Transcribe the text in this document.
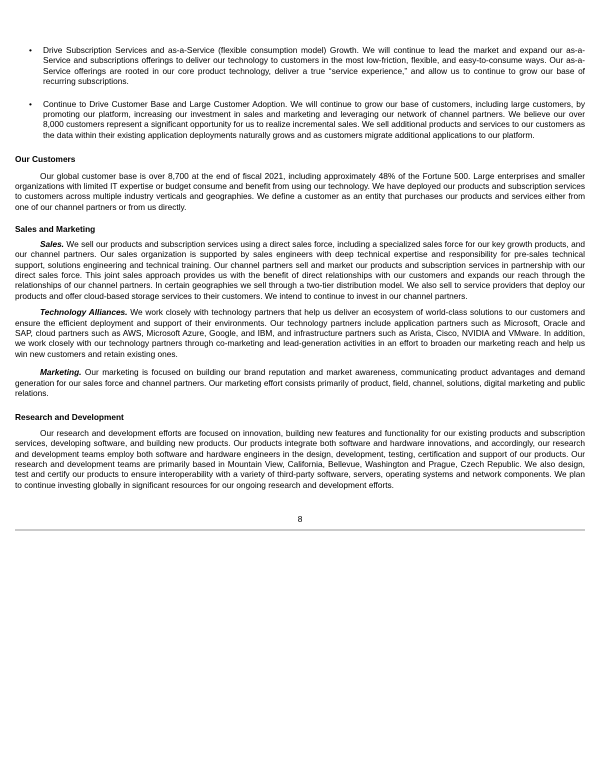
• Drive Subscription Services and as-a-Service (flexible consumption model) Growth. We will continue to lead the market and expand our as-a-Service and subscriptions offerings to deliver our technology to customers in the most low-friction, flexible, and easy-to-consume ways. Our as-a-Service offerings are rooted in our core product technology, deliver a true “service experience,” and allow us to continue to grow our base of recurring subscriptions.
• Continue to Drive Customer Base and Large Customer Adoption. We will continue to grow our base of customers, including large customers, by promoting our platform, increasing our investment in sales and marketing and leveraging our network of channel partners. We believe our over 8,000 customers represent a significant opportunity for us to realize incremental sales. We sell additional products and services to our customers as the data within their existing application deployments naturally grows and as customers migrate additional applications to our platform.
Our Customers

Our global customer base is over 8,700 at the end of fiscal 2021, including approximately 48% of the Fortune 500. Large enterprises and smaller organizations with limited IT expertise or budget consume and benefit from using our technology. We have deployed our products and subscription services to customers across multiple industry verticals and geographies. We define a customer as an entity that purchases our products and services either from one of our channel partners or from us directly.

Sales and Marketing

Sales. We sell our products and subscription services using a direct sales force, including a specialized sales force for our key growth products, and our channel partners. Our sales organization is supported by sales engineers with deep technical expertise and responsibility for pre-sales technical support, solutions engineering and technical training. Our channel partners sell and market our products and subscription services in partnership with our direct sales force. This joint sales approach provides us with the benefit of direct relationships with our customers and expands our reach through the relationships of our channel partners. In certain geographies we sell through a two-tier distribution model. We also sell to service providers that deploy our products and offer cloud-based storage services to their customers. We intend to continue to invest in our channel partners.

Technology Alliances. We work closely with technology partners that help us deliver an ecosystem of world-class solutions to our customers and ensure the efficient deployment and support of their environments. Our technology partners include application partners such as Microsoft, Oracle and SAP, cloud partners such as AWS, Microsoft Azure, Google, and IBM, and infrastructure partners such as Arista, Cisco, NVIDIA and VMware. In addition, we work closely with our technology partners through co-marketing and lead-generation activities in an effort to broaden our marketing reach and help us win new customers and retain existing ones.

Marketing. Our marketing is focused on building our brand reputation and market awareness, communicating product advantages and demand generation for our sales force and channel partners. Our marketing effort consists primarily of product, field, channel, solutions, digital marketing and public relations.

Research and Development

Our research and development efforts are focused on innovation, building new features and functionality for our existing products and subscription services, developing software, and building new products. Our products integrate both software and hardware innovations, and accordingly, our research and development teams employ both software and hardware engineers in the design, development, testing, certification and support of our products. Our research and development teams are primarily based in Mountain View, California, Bellevue, Washington and Prague, Czech Republic. We also design, test and certify our products to ensure interoperability with a variety of third-party software, servers, operating systems and network components. We plan to continue investing globally in significant resources for our ongoing research and development efforts.

8
